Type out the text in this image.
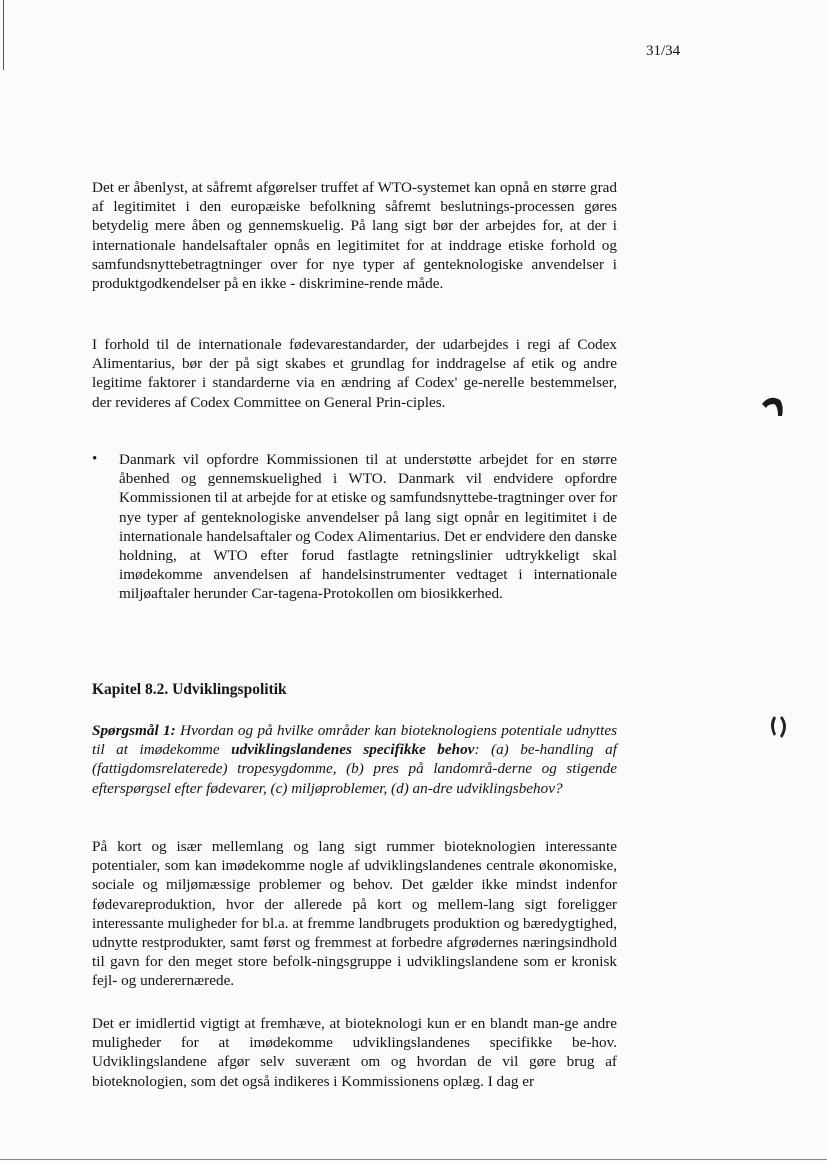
31/34

Det er åbenlyst, at såfremt afgørelser truffet af WTO-systemet kan opnå en større grad af legitimitet i den europæiske befolkning såfremt beslutnings-processen gøres betydelig mere åben og gennemskuelig. På lang sigt bør der arbejdes for, at der i internationale handelsaftaler opnås en legitimitet for at inddrage etiske forhold og samfundsnyttebetragtninger over for nye typer af genteknologiske anvendelser i produktgodkendelser på en ikke - diskrimine-rende måde.

I forhold til de internationale fødevarestandarder, der udarbejdes i regi af Codex Alimentarius, bør der på sigt skabes et grundlag for inddragelse af etik og andre legitime faktorer i standarderne via en ændring af Codex' ge-nerelle bestemmelser, der revideres af Codex Committee on General Prin-ciples.

• Danmark vil opfordre Kommissionen til at understøtte arbejdet for en større åbenhed og gennemskuelighed i WTO. Danmark vil endvidere opfordre Kommissionen til at arbejde for at etiske og samfundsnyttebe-tragtninger over for nye typer af genteknologiske anvendelser på lang sigt opnår en legitimitet i de internationale handelsaftaler og Codex Alimentarius. Det er endvidere den danske holdning, at WTO efter forud fastlagte retningslinier udtrykkeligt skal imødekomme anvendelsen af handelsinstrumenter vedtaget i internationale miljøaftaler herunder Car-tagena-Protokollen om biosikkerhed.

Kapitel 8.2. Udviklingspolitik

Spørgsmål 1: Hvordan og på hvilke områder kan bioteknologiens potentiale udnyttes til at imødekomme udviklingslandenes specifikke behov: (a) be-handling af (fattigdomsrelaterede) tropesygdomme, (b) pres på landområ-derne og stigende efterspørgsel efter fødevarer, (c) miljøproblemer, (d) an-dre udviklingsbehov?

På kort og især mellemlang og lang sigt rummer bioteknologien interessante potentialer, som kan imødekomme nogle af udviklingslandenes centrale økonomiske, sociale og miljømæssige problemer og behov. Det gælder ikke mindst indenfor fødevareproduktion, hvor der allerede på kort og mellem-lang sigt foreligger interessante muligheder for bl.a. at fremme landbrugets produktion og bæredygtighed, udnytte restprodukter, samt først og fremmest at forbedre afgrødernes næringsindhold til gavn for den meget store befolk-ningsgruppe i udviklingslandene som er kronisk fejl- og underernærede.

Det er imidlertid vigtigt at fremhæve, at bioteknologi kun er en blandt man-ge andre muligheder for at imødekomme udviklingslandenes specifikke be-hov. Udviklingslandene afgør selv suverænt om og hvordan de vil gøre brug af bioteknologien, som det også indikeres i Kommissionens oplæg. I dag er
